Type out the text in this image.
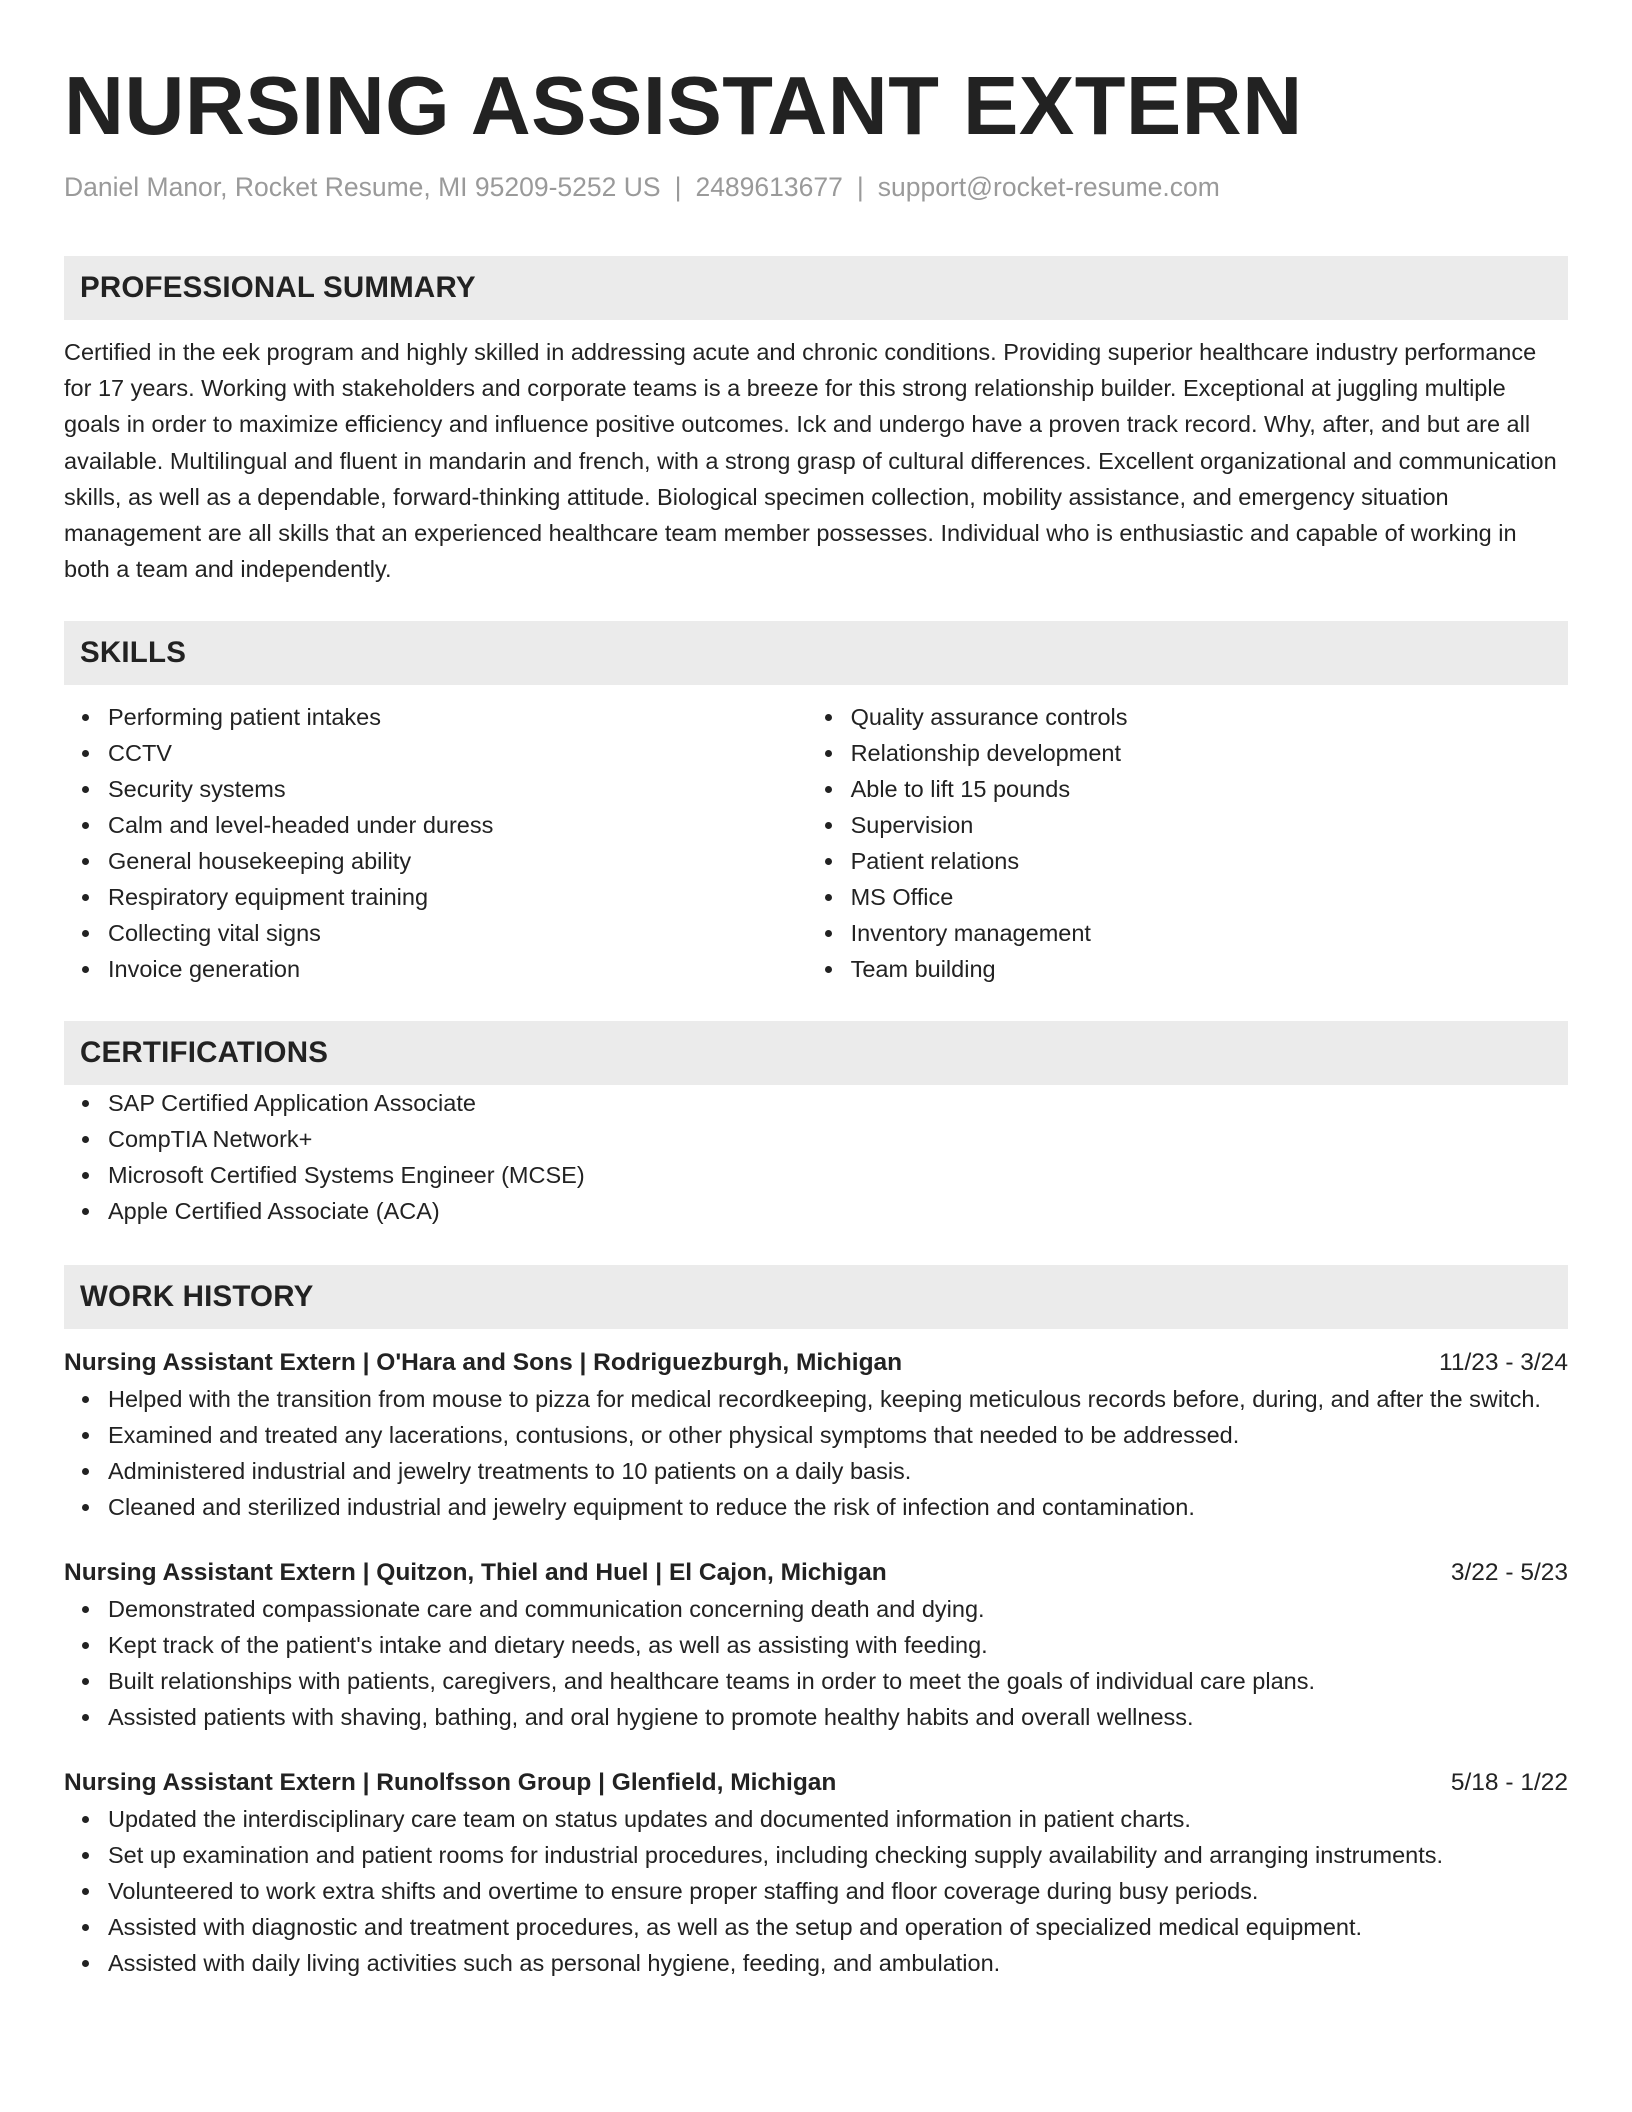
NURSING ASSISTANT EXTERN
Daniel Manor, Rocket Resume, MI 95209-5252 US | 2489613677 | support@rocket-resume.com
PROFESSIONAL SUMMARY

Certified in the eek program and highly skilled in addressing acute and chronic conditions. Providing superior healthcare industry performance for 17 years. Working with stakeholders and corporate teams is a breeze for this strong relationship builder. Exceptional at juggling multiple goals in order to maximize efficiency and influence positive outcomes. Ick and undergo have a proven track record. Why, after, and but are all available. Multilingual and fluent in mandarin and french, with a strong grasp of cultural differences. Excellent organizational and communication skills, as well as a dependable, forward-thinking attitude. Biological specimen collection, mobility assistance, and emergency situation management are all skills that an experienced healthcare team member possesses. Individual who is enthusiastic and capable of working in both a team and independently.

SKILLS
Performing patient intakes
CCTV
Security systems
Calm and level-headed under duress
General housekeeping ability
Respiratory equipment training
Collecting vital signs
Invoice generation
Quality assurance controls
Relationship development
Able to lift 15 pounds
Supervision
Patient relations
MS Office
Inventory management
Team building
CERTIFICATIONS
SAP Certified Application Associate
CompTIA Network+
Microsoft Certified Systems Engineer (MCSE)
Apple Certified Associate (ACA)
WORK HISTORY
Nursing Assistant Extern | O'Hara and Sons | Rodriguezburgh, Michigan	11/23 - 3/24
Helped with the transition from mouse to pizza for medical recordkeeping, keeping meticulous records before, during, and after the switch.
Examined and treated any lacerations, contusions, or other physical symptoms that needed to be addressed.
Administered industrial and jewelry treatments to 10 patients on a daily basis.
Cleaned and sterilized industrial and jewelry equipment to reduce the risk of infection and contamination.
Nursing Assistant Extern | Quitzon, Thiel and Huel | El Cajon, Michigan	3/22 - 5/23
Demonstrated compassionate care and communication concerning death and dying.
Kept track of the patient's intake and dietary needs, as well as assisting with feeding.
Built relationships with patients, caregivers, and healthcare teams in order to meet the goals of individual care plans.
Assisted patients with shaving, bathing, and oral hygiene to promote healthy habits and overall wellness.
Nursing Assistant Extern | Runolfsson Group | Glenfield, Michigan	5/18 - 1/22
Updated the interdisciplinary care team on status updates and documented information in patient charts.
Set up examination and patient rooms for industrial procedures, including checking supply availability and arranging instruments.
Volunteered to work extra shifts and overtime to ensure proper staffing and floor coverage during busy periods.
Assisted with diagnostic and treatment procedures, as well as the setup and operation of specialized medical equipment.
Assisted with daily living activities such as personal hygiene, feeding, and ambulation.
